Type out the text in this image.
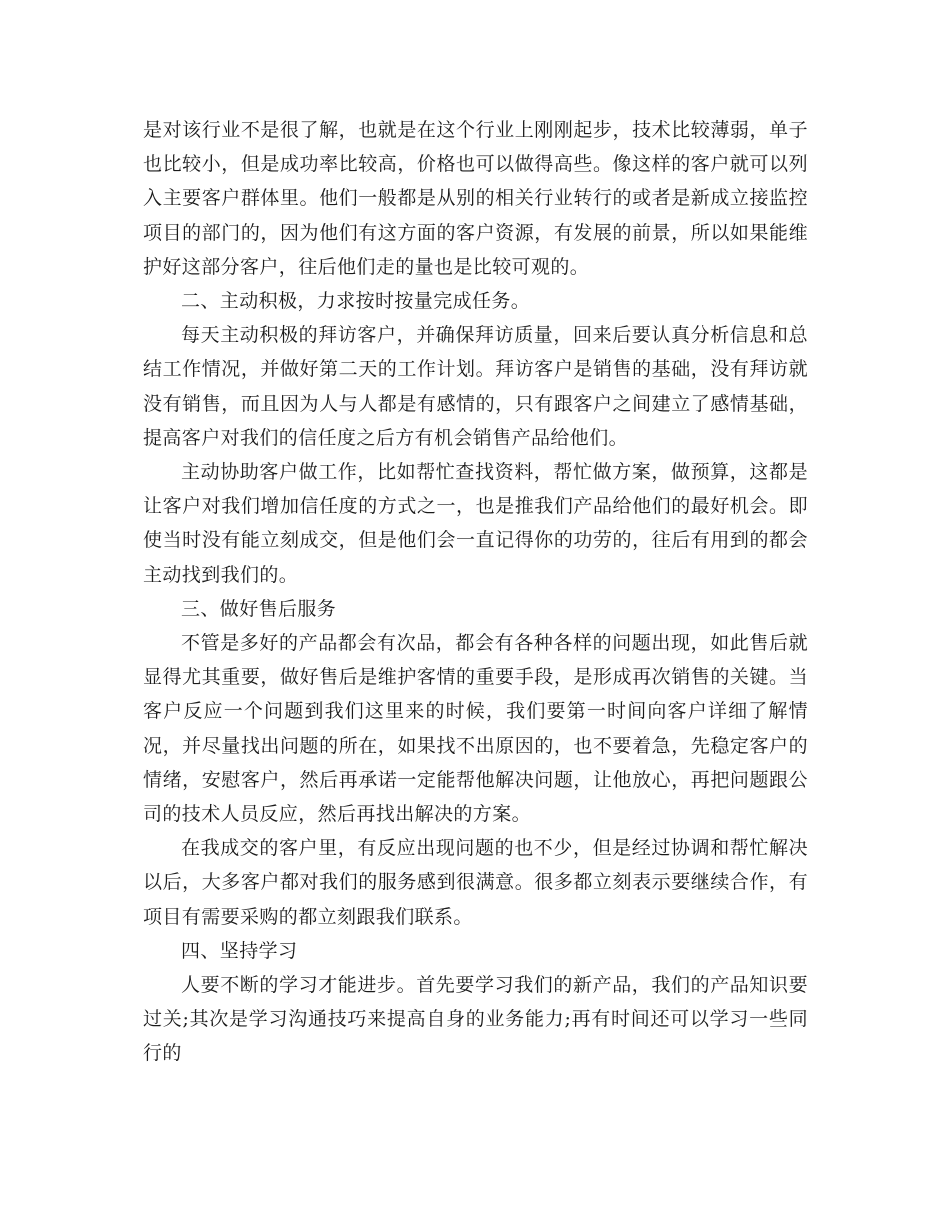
是对该行业不是很了解，也就是在这个行业上刚刚起步，技术比较薄弱，单子也比较小，但是成功率比较高，价格也可以做得高些。像这样的客户就可以列入主要客户群体里。他们一般都是从别的相关行业转行的或者是新成立接监控项目的部门的，因为他们有这方面的客户资源，有发展的前景，所以如果能维护好这部分客户，往后他们走的量也是比较可观的。

二、主动积极，力求按时按量完成任务。

每天主动积极的拜访客户，并确保拜访质量，回来后要认真分析信息和总结工作情况，并做好第二天的工作计划。拜访客户是销售的基础，没有拜访就没有销售，而且因为人与人都是有感情的，只有跟客户之间建立了感情基础，提高客户对我们的信任度之后方有机会销售产品给他们。

主动协助客户做工作，比如帮忙查找资料，帮忙做方案，做预算，这都是让客户对我们增加信任度的方式之一，也是推我们产品给他们的最好机会。即使当时没有能立刻成交，但是他们会一直记得你的功劳的，往后有用到的都会主动找到我们的。

三、做好售后服务

不管是多好的产品都会有次品，都会有各种各样的问题出现，如此售后就显得尤其重要，做好售后是维护客情的重要手段，是形成再次销售的关键。当客户反应一个问题到我们这里来的时候，我们要第一时间向客户详细了解情况，并尽量找出问题的所在，如果找不出原因的，也不要着急，先稳定客户的情绪，安慰客户，然后再承诺一定能帮他解决问题，让他放心，再把问题跟公司的技术人员反应，然后再找出解决的方案。

在我成交的客户里，有反应出现问题的也不少，但是经过协调和帮忙解决以后，大多客户都对我们的服务感到很满意。很多都立刻表示要继续合作，有项目有需要采购的都立刻跟我们联系。

四、坚持学习

人要不断的学习才能进步。首先要学习我们的新产品，我们的产品知识要过关;其次是学习沟通技巧来提高自身的业务能力;再有时间还可以学习一些同行的
